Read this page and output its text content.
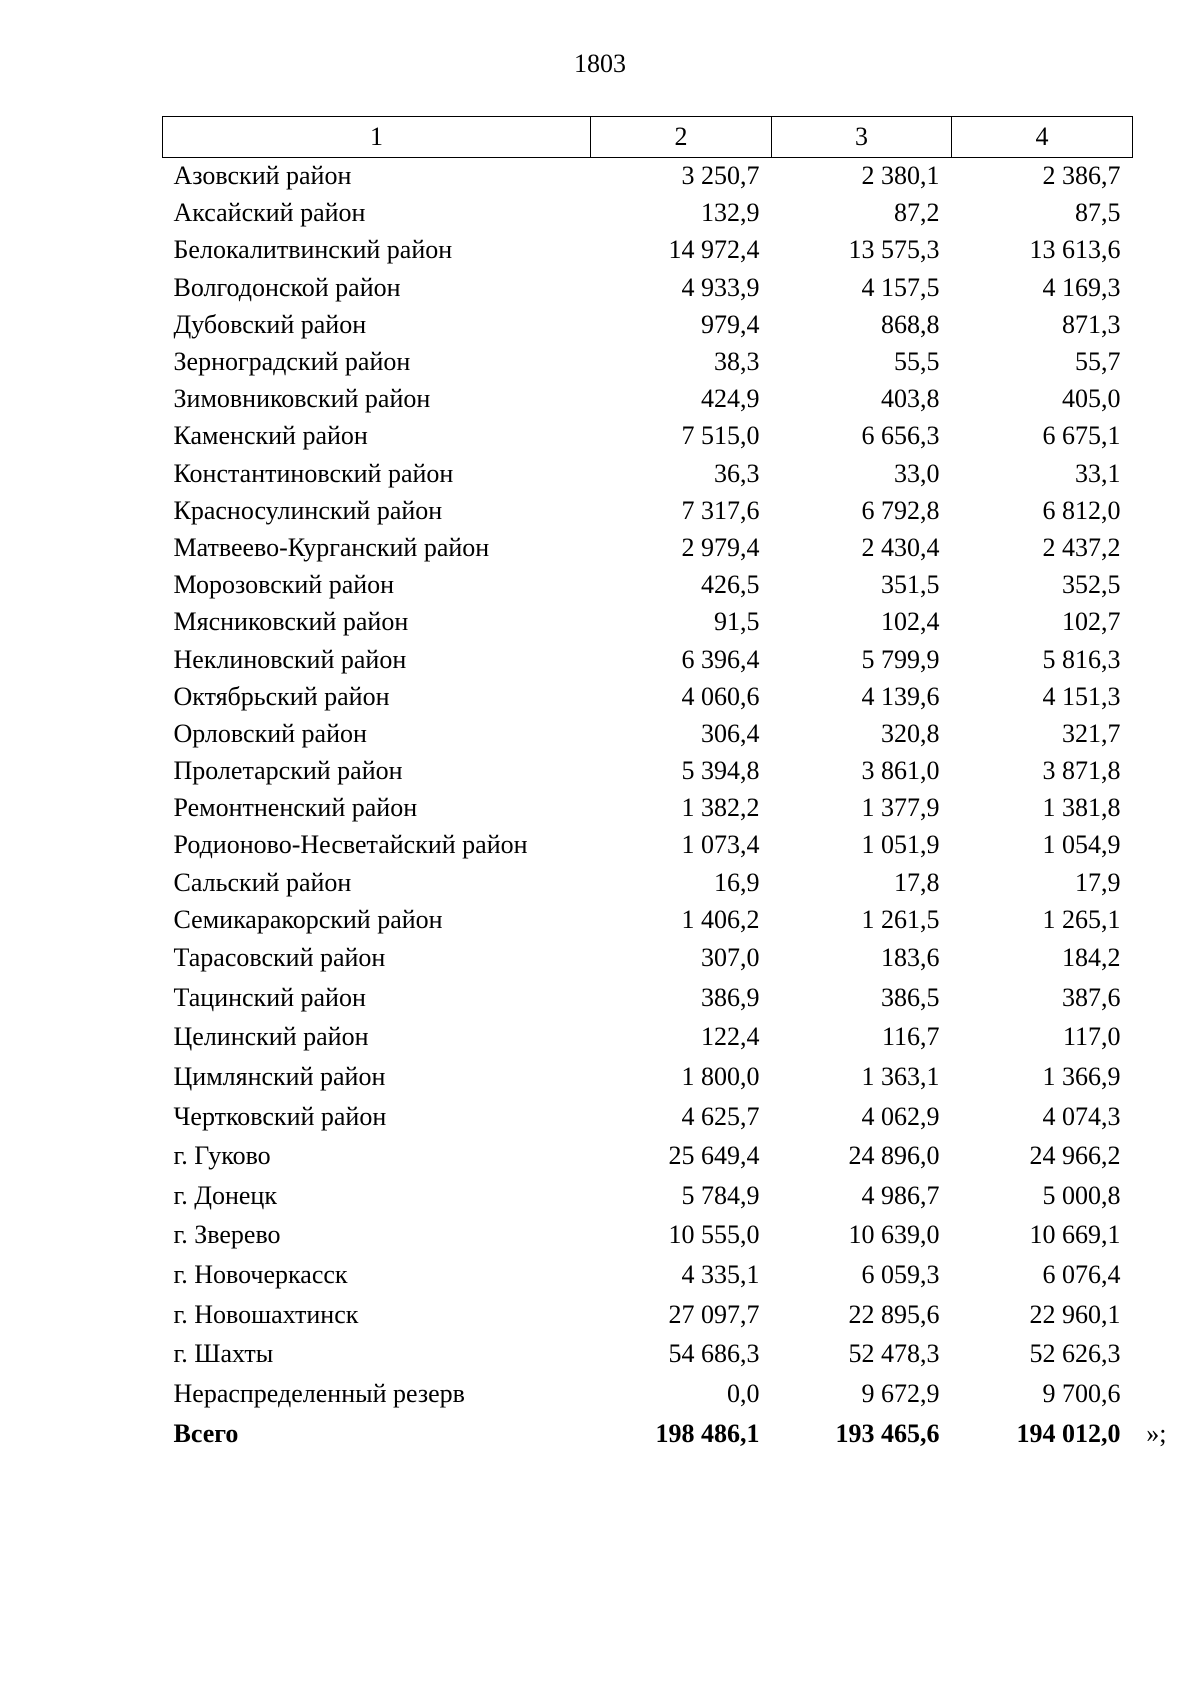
1803
1	2	3	4
Азовский район	3 250,7	2 380,1	2 386,7
Аксайский район	132,9	87,2	87,5
Белокалитвинский район	14 972,4	13 575,3	13 613,6
Волгодонской район	4 933,9	4 157,5	4 169,3
Дубовский район	979,4	868,8	871,3
Зерноградский район	38,3	55,5	55,7
Зимовниковский район	424,9	403,8	405,0
Каменский район	7 515,0	6 656,3	6 675,1
Константиновский район	36,3	33,0	33,1
Красносулинский район	7 317,6	6 792,8	6 812,0
Матвеево-Курганский район	2 979,4	2 430,4	2 437,2
Морозовский район	426,5	351,5	352,5
Мясниковский район	91,5	102,4	102,7
Неклиновский район	6 396,4	5 799,9	5 816,3
Октябрьский район	4 060,6	4 139,6	4 151,3
Орловский район	306,4	320,8	321,7
Пролетарский район	5 394,8	3 861,0	3 871,8
Ремонтненский район	1 382,2	1 377,9	1 381,8
Родионово-Несветайский район	1 073,4	1 051,9	1 054,9
Сальский район	16,9	17,8	17,9
Семикаракорский район	1 406,2	1 261,5	1 265,1
Тарасовский район	307,0	183,6	184,2
Тацинский район	386,9	386,5	387,6
Целинский район	122,4	116,7	117,0
Цимлянский район	1 800,0	1 363,1	1 366,9
Чертковский район	4 625,7	4 062,9	4 074,3
г. Гуково	25 649,4	24 896,0	24 966,2
г. Донецк	5 784,9	4 986,7	5 000,8
г. Зверево	10 555,0	10 639,0	10 669,1
г. Новочеркасск	4 335,1	6 059,3	6 076,4
г. Новошахтинск	27 097,7	22 895,6	22 960,1
г. Шахты	54 686,3	52 478,3	52 626,3
Нераспределенный резерв	0,0	9 672,9	9 700,6
Всего	198 486,1	193 465,6	194 012,0 »;
